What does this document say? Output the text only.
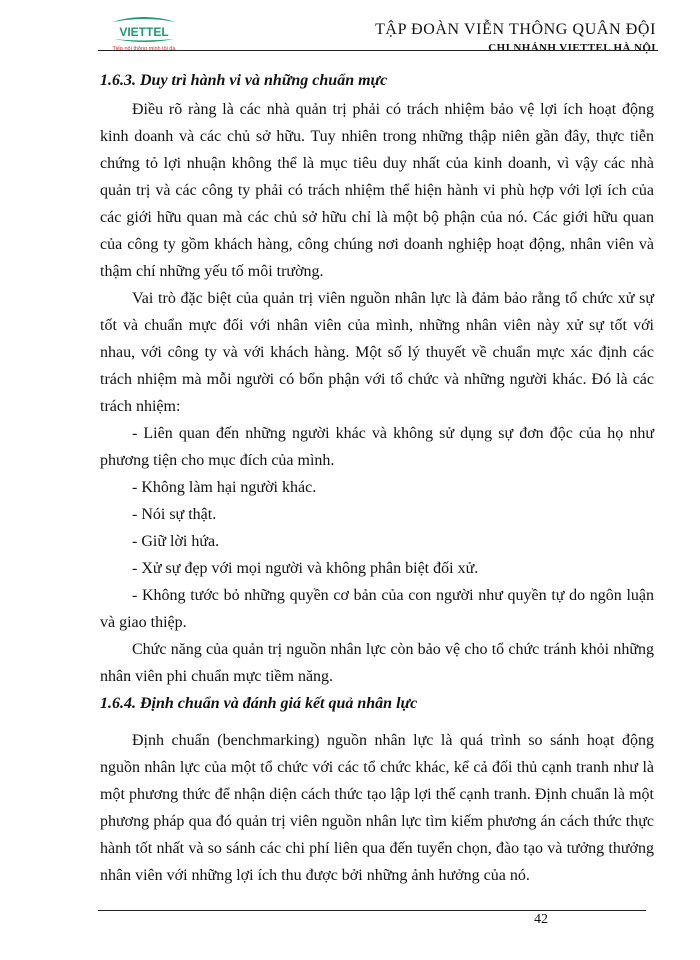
VIETTEL
Tiếp nối thông minh tối đa
TẬP ĐOÀN VIỄN THÔNG QUÂN ĐỘI
CHI NHÁNH VIETTEL HÀ NỘI
1.6.3. Duy trì hành vi và những chuẩn mực

Điều rõ ràng là các nhà quản trị phải có trách nhiệm bảo vệ lợi ích hoạt động kinh doanh và các chủ sở hữu. Tuy nhiên trong những thập niên gần đây, thực tiễn chứng tỏ lợi nhuận không thể là mục tiêu duy nhất của kinh doanh, vì vậy các nhà quản trị và các công ty phải có trách nhiệm thể hiện hành vi phù hợp với lợi ích của các giới hữu quan mà các chủ sở hữu chỉ là một bộ phận của nó. Các giới hữu quan của công ty gồm khách hàng, công chúng nơi doanh nghiệp hoạt động, nhân viên và thậm chí những yếu tố môi trường.

Vai trò đặc biệt của quản trị viên nguồn nhân lực là đảm bảo rằng tổ chức xử sự tốt và chuẩn mực đối với nhân viên của mình, những nhân viên này xử sự tốt với nhau, với công ty và với khách hàng. Một số lý thuyết về chuẩn mực xác định các trách nhiệm mà mỗi người có bổn phận với tổ chức và những người khác. Đó là các trách nhiệm:

- Liên quan đến những người khác và không sử dụng sự đơn độc của họ như phương tiện cho mục đích của mình.

- Không làm hại người khác.

- Nói sự thật.

- Giữ lời hứa.

- Xử sự đẹp với mọi người và không phân biệt đối xử.

- Không tước bỏ những quyền cơ bản của con người như quyền tự do ngôn luận và giao thiệp.

Chức năng của quản trị nguồn nhân lực còn bảo vệ cho tổ chức tránh khỏi những nhân viên phi chuẩn mực tiềm năng.

1.6.4. Định chuẩn và đánh giá kết quả nhân lực

Định chuẩn (benchmarking) nguồn nhân lực là quá trình so sánh hoạt động nguồn nhân lực của một tổ chức với các tổ chức khác, kể cả đối thủ cạnh tranh như là một phương thức để nhận diện cách thức tạo lập lợi thế cạnh tranh. Định chuẩn là một phương pháp qua đó quản trị viên nguồn nhân lực tìm kiếm phương án cách thức thực hành tốt nhất và so sánh các chi phí liên qua đến tuyển chọn, đào tạo và tưởng thưởng nhân viên với những lợi ích thu được bởi những ảnh hưởng của nó.

42
